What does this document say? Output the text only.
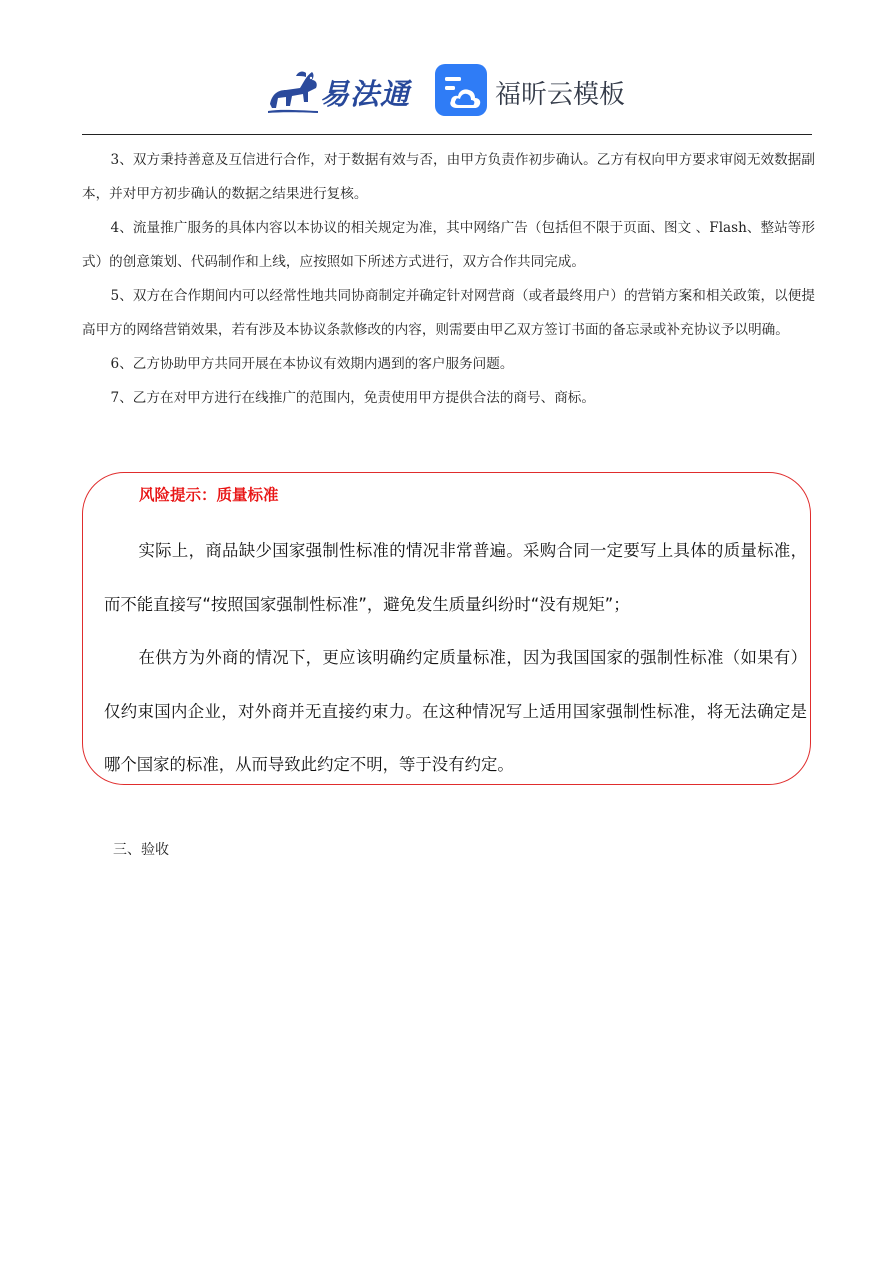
易法通	福昕云模板

3、双方秉持善意及互信进行合作，对于数据有效与否，由甲方负责作初步确认。乙方有权向甲方要求审阅无效数据副本，并对甲方初步确认的数据之结果进行复核。

4、流量推广服务的具体内容以本协议的相关规定为准，其中网络广告（包括但不限于页面、图文 、Flash、整站等形式）的创意策划、代码制作和上线，应按照如下所述方式进行，双方合作共同完成。

5、双方在合作期间内可以经常性地共同协商制定并确定针对网营商（或者最终用户）的营销方案和相关政策，以便提高甲方的网络营销效果，若有涉及本协议条款修改的内容，则需要由甲乙双方签订书面的备忘录或补充协议予以明确。

6、乙方协助甲方共同开展在本协议有效期内遇到的客户服务问题。

7、乙方在对甲方进行在线推广的范围内，免责使用甲方提供合法的商号、商标。

风险提示：质量标准

实际上，商品缺少国家强制性标准的情况非常普遍。采购合同一定要写上具体的质量标准，而不能直接写“按照国家强制性标准”，避免发生质量纠纷时“没有规矩”；

在供方为外商的情况下，更应该明确约定质量标准，因为我国国家的强制性标准（如果有）仅约束国内企业，对外商并无直接约束力。在这种情况写上适用国家强制性标准，将无法确定是哪个国家的标准，从而导致此约定不明，等于没有约定。

三、验收
